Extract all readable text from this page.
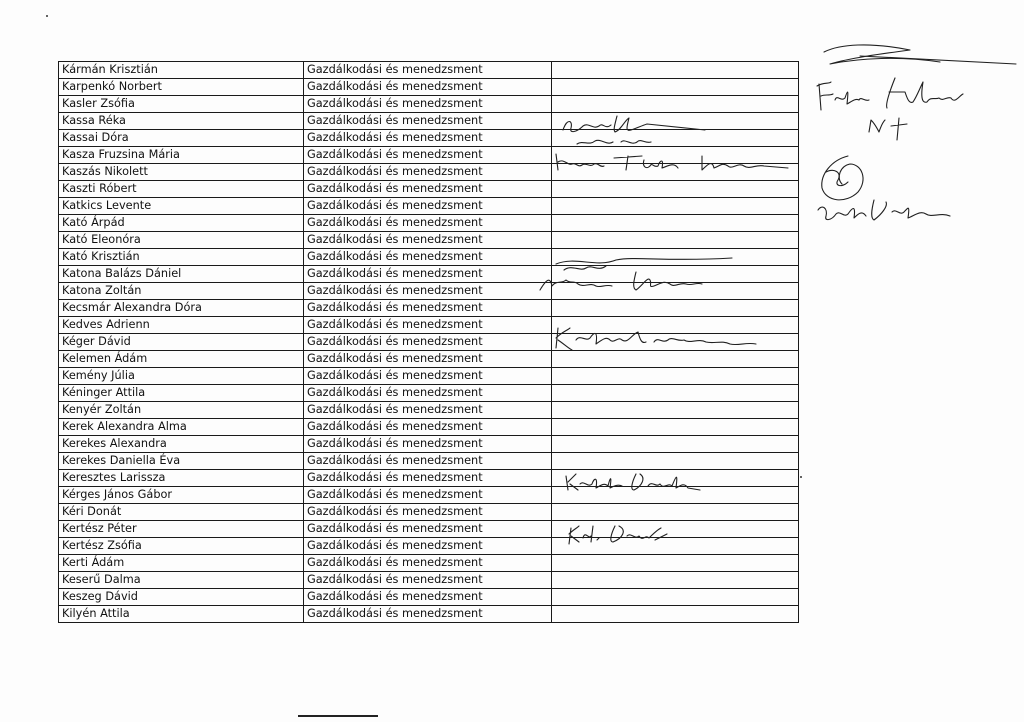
Kármán Krisztián	Gazdálkodási és menedzsment	
Karpenkó Norbert	Gazdálkodási és menedzsment	
Kasler Zsófia	Gazdálkodási és menedzsment	
Kassa Réka	Gazdálkodási és menedzsment	
Kassai Dóra	Gazdálkodási és menedzsment	
Kasza Fruzsina Mária	Gazdálkodási és menedzsment	
Kaszás Nikolett	Gazdálkodási és menedzsment	
Kaszti Róbert	Gazdálkodási és menedzsment	
Katkics Levente	Gazdálkodási és menedzsment	
Kató Árpád	Gazdálkodási és menedzsment	
Kató Eleonóra	Gazdálkodási és menedzsment	
Kató Krisztián	Gazdálkodási és menedzsment	
Katona Balázs Dániel	Gazdálkodási és menedzsment	
Katona Zoltán	Gazdálkodási és menedzsment	
Kecsmár Alexandra Dóra	Gazdálkodási és menedzsment	
Kedves Adrienn	Gazdálkodási és menedzsment	
Kéger Dávid	Gazdálkodási és menedzsment	
Kelemen Ádám	Gazdálkodási és menedzsment	
Kemény Júlia	Gazdálkodási és menedzsment	
Kéninger Attila	Gazdálkodási és menedzsment	
Kenyér Zoltán	Gazdálkodási és menedzsment	
Kerek Alexandra Alma	Gazdálkodási és menedzsment	
Kerekes Alexandra	Gazdálkodási és menedzsment	
Kerekes Daniella Éva	Gazdálkodási és menedzsment	
Keresztes Larissza	Gazdálkodási és menedzsment	
Kérges János Gábor	Gazdálkodási és menedzsment	
Kéri Donát	Gazdálkodási és menedzsment	
Kertész Péter	Gazdálkodási és menedzsment	
Kertész Zsófia	Gazdálkodási és menedzsment	
Kerti Ádám	Gazdálkodási és menedzsment	
Keserű Dalma	Gazdálkodási és menedzsment	
Keszeg Dávid	Gazdálkodási és menedzsment	
Kilyén Attila	Gazdálkodási és menedzsment	
